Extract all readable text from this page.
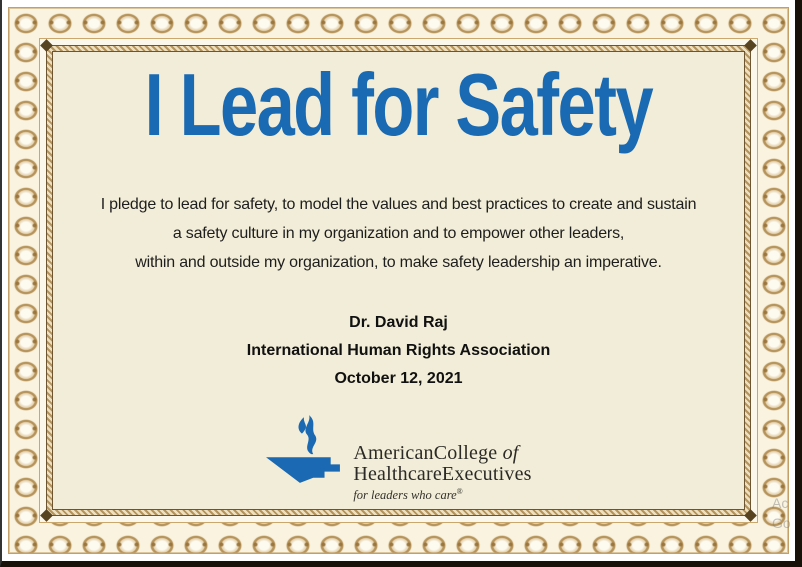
I Lead for Safety
I pledge to lead for safety, to model the values and best practices to create and sustain
a safety culture in my organization and to empower other leaders,
within and outside my organization, to make safety leadership an imperative.
Dr. David Raj
International Human Rights Association
October 12, 2021
AmericanCollege of
HealthcareExecutives
for leaders who care®
Ac
Go
